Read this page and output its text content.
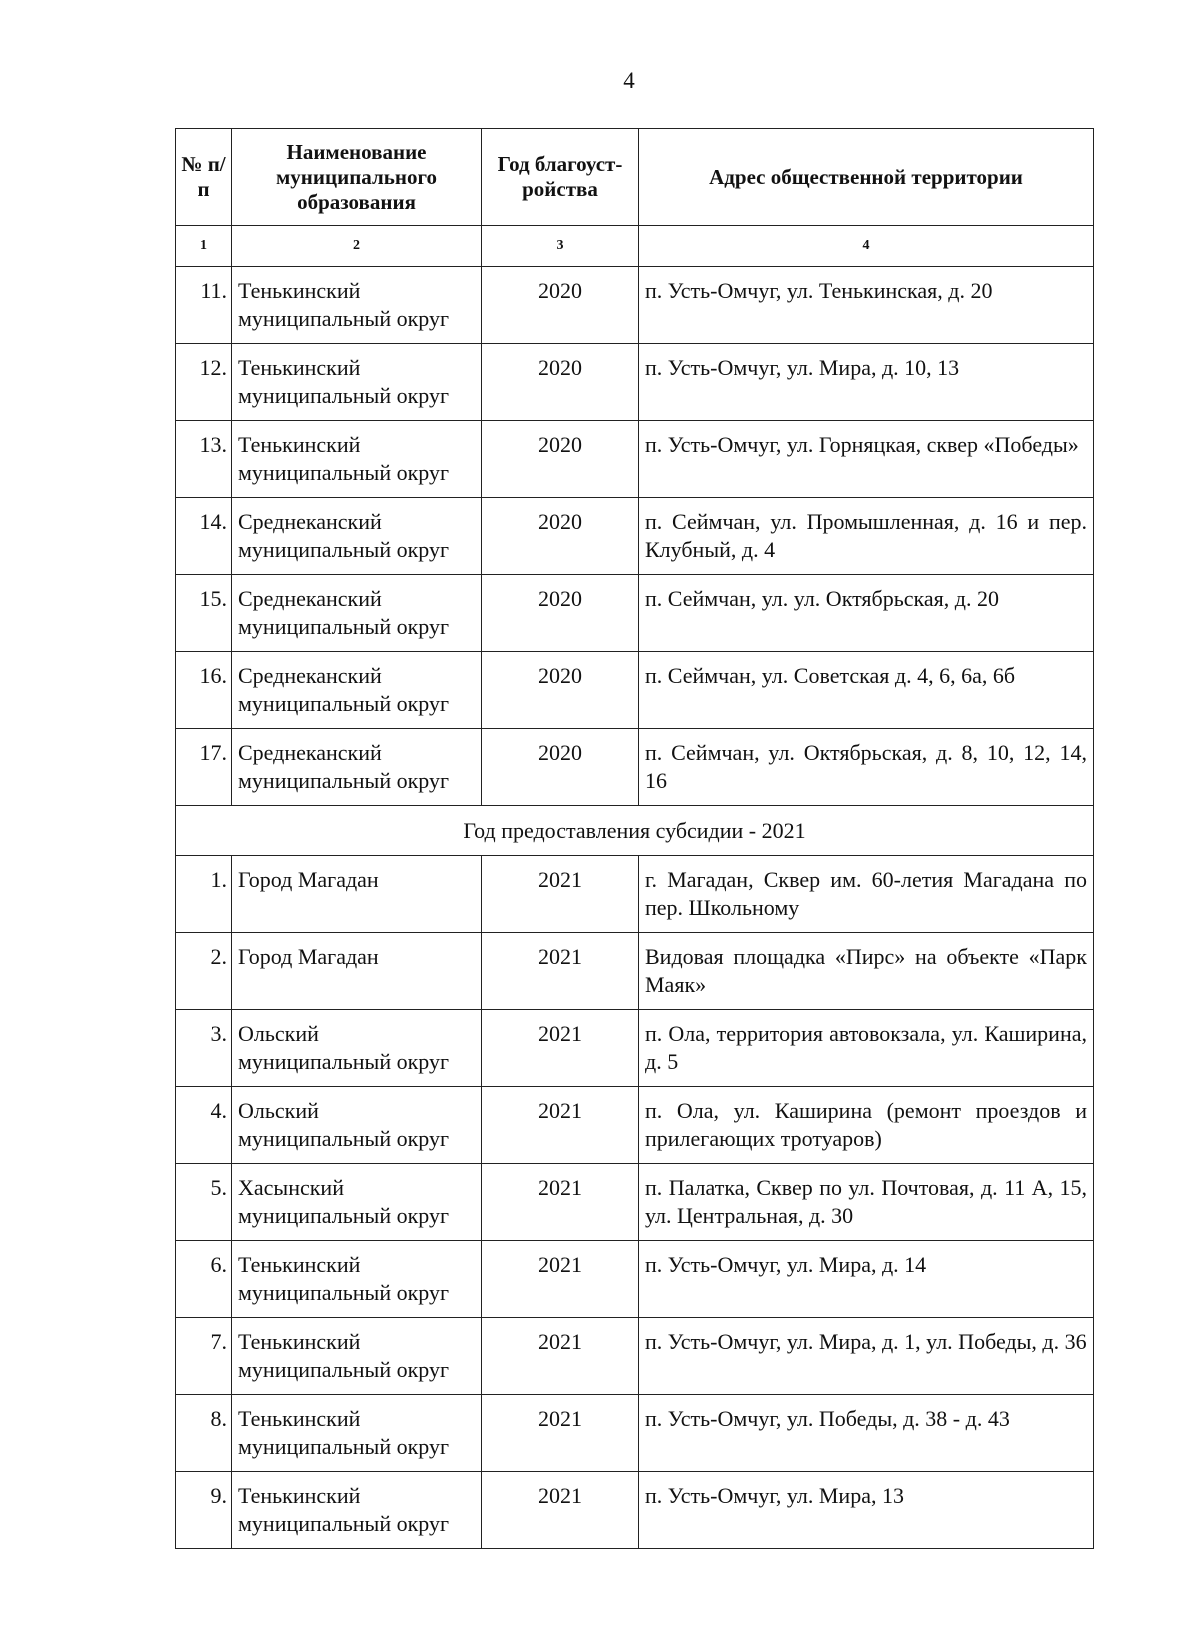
4
№ п/п	Наименование муниципального образования	Год благоуст-ройства	Адрес общественной территории
1	2	3	4
11.	Тенькинский муниципальный округ	2020	п. Усть-Омчуг, ул. Тенькинская, д. 20
12.	Тенькинский муниципальный округ	2020	п. Усть-Омчуг, ул. Мира, д. 10, 13
13.	Тенькинский муниципальный округ	2020	п. Усть-Омчуг, ул. Горняцкая, сквер «Победы»
14.	Среднеканский муниципальный округ	2020	п. Сеймчан, ул. Промышленная, д. 16 и пер. Клубный, д. 4
15.	Среднеканский муниципальный округ	2020	п. Сеймчан, ул. ул. Октябрьская, д. 20
16.	Среднеканский муниципальный округ	2020	п. Сеймчан, ул. Советская д. 4, 6, 6а, 6б
17.	Среднеканский муниципальный округ	2020	п. Сеймчан, ул. Октябрьская, д. 8, 10, 12, 14, 16
Год предоставления субсидии - 2021			
1.	Город Магадан	2021	г. Магадан, Сквер им. 60-летия Магадана по пер. Школьному
2.	Город Магадан	2021	Видовая площадка «Пирс» на объекте «Парк Маяк»
3.	Ольский муниципальный округ	2021	п. Ола, территория автовокзала, ул. Каширина, д. 5
4.	Ольский муниципальный округ	2021	п. Ола, ул. Каширина (ремонт проездов и прилегающих тротуаров)
5.	Хасынский муниципальный округ	2021	п. Палатка, Сквер по ул. Почтовая, д. 11 А, 15, ул. Центральная, д. 30
6.	Тенькинский муниципальный округ	2021	п. Усть-Омчуг, ул. Мира, д. 14
7.	Тенькинский муниципальный округ	2021	п. Усть-Омчуг, ул. Мира, д. 1, ул. Победы, д. 36
8.	Тенькинский муниципальный округ	2021	п. Усть-Омчуг, ул. Победы, д. 38 - д. 43
9.	Тенькинский муниципальный округ	2021	п. Усть-Омчуг, ул. Мира, 13
